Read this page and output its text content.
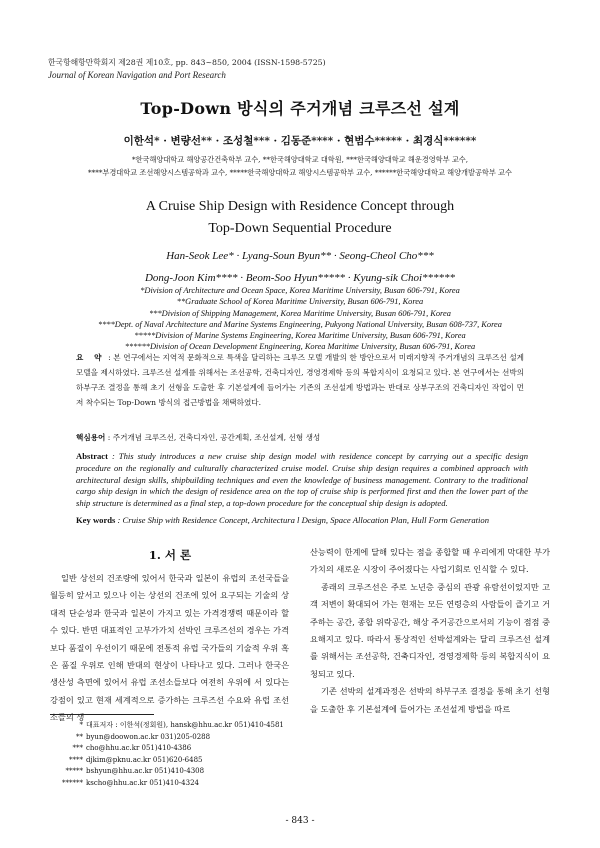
한국항해항만학회지 제28권 제10호, pp. 843~850, 2004 (ISSN-1598-5725)
Journal of Korean Navigation and Port Research
Top-Down 방식의 주거개념 크루즈선 설계
이한석* · 변량선** · 조성철*** · 김동준**** · 현범수***** · 최경식******
*한국해양대학교 해양공간건축학부 교수, **한국해양대학교 대학원, ***한국해양대학교 해운경영학부 교수,
****부경대학교 조선해양시스템공학과 교수, *****한국해양대학교 해양시스템공학부 교수, ******한국해양대학교 해양개발공학부 교수
A Cruise Ship Design with Residence Concept through
Top-Down Sequential Procedure
Han-Seok Lee* · Lyang-Soun Byun** · Seong-Cheol Cho***
Dong-Joon Kim**** · Beom-Soo Hyun***** · Kyung-sik Choi******
*Division of Architecture and Ocean Space, Korea Maritime University, Busan 606-791, Korea
**Graduate School of Korea Maritime University, Busan 606-791, Korea
***Division of Shipping Management, Korea Maritime University, Busan 606-791, Korea
****Dept. of Naval Architecture and Marine Systems Engineering, Pukyong National University, Busan 608-737, Korea
*****Division of Marine Systems Engineering, Korea Maritime University, Busan 606-791, Korea
******Division of Ocean Development Engineering, Korea Maritime University, Busan 606-791, Korea
요 약 : 본 연구에서는 지역적 문화적으로 특색을 달리하는 크루즈 모델 개발의 한 방안으로서 미래지향적 주거개념의 크루즈선 설계모델을 제시하였다. 크루즈선 설계를 위해서는 조선공학, 건축디자인, 경영경제학 등의 복합지식이 요청되고 있다. 본 연구에서는 선박의 하부구조 결정을 통해 초기 선형을 도출한 후 기본설계에 들어가는 기존의 조선설계 방법과는 반대로 상부구조의 건축디자인 작업이 먼저 착수되는 Top-Down 방식의 접근방법을 채택하였다.
핵심용어 : 주거개념 크루즈선, 건축디자인, 공간계획, 조선설계, 선형 생성
Abstract : This study introduces a new cruise ship design model with residence concept by carrying out a specific design procedure on the regionally and culturally characterized cruise model. Cruise ship design requires a combined approach with architectural design skills, shipbuilding techniques and even the knowledge of business management. Contrary to the traditional cargo ship design in which the design of residence area on the top of cruise ship is performed first and then the lower part of the ship structure is determined as a final step, a top-down procedure for the conceptual ship design is adopted.
Key words : Cruise Ship with Residence Concept, Architectura l Design, Space Allocation Plan, Hull Form Generation
1. 서 론

일반 상선의 건조량에 있어서 한국과 일본이 유럽의 조선국들을 월등히 앞서고 있으나 이는 상선의 건조에 있어 요구되는 기술의 상대적 단순성과 한국과 일본이 가지고 있는 가격경쟁력 때문이라 할 수 있다. 반면 대표적인 고부가가치 선박인 크루즈선의 경우는 가격보다 품질이 우선이기 때문에 전통적 유럽 국가들의 기술적 우위 혹은 품질 우위로 인해 반대의 현상이 나타나고 있다. 그러나 한국은 생산성 측면에 있어서 유럽 조선소들보다 여전히 우위에 서 있다는 강점이 있고 현재 세계적으로 증가하는 크루즈선 수요와 유럽 조선소들의 생

산능력이 한계에 달해 있다는 점을 종합할 때 우리에게 막대한 부가가치의 새로운 시장이 주어졌다는 사업기회로 인식할 수 있다.

종래의 크루즈선은 주로 노년층 중심의 관광 유람선이었지만 고객 저변이 확대되어 가는 현재는 모든 연령층의 사람들이 즐기고 거주하는 공간, 종합 위락공간, 해상 주거공간으로서의 기능이 점점 중요해지고 있다. 따라서 통상적인 선박설계와는 달리 크루즈선 설계를 위해서는 조선공학, 건축디자인, 경영경제학 등의 복합지식이 요청되고 있다.

기존 선박의 설계과정은 선박의 하부구조 결정을 통해 초기 선형을 도출한 후 기본설계에 들어가는 조선설계 방법을 따르

* 대표저자 : 이한석(정회원), hansk@hhu.ac.kr 051)410-4581
** byun@doowon.ac.kr 031)205-0288
*** cho@hhu.ac.kr 051)410-4386
**** djkim@pknu.ac.kr 051)620-6485
***** bshyun@hhu.ac.kr 051)410-4308
****** kscho@hhu.ac.kr 051)410-4324
- 843 -
